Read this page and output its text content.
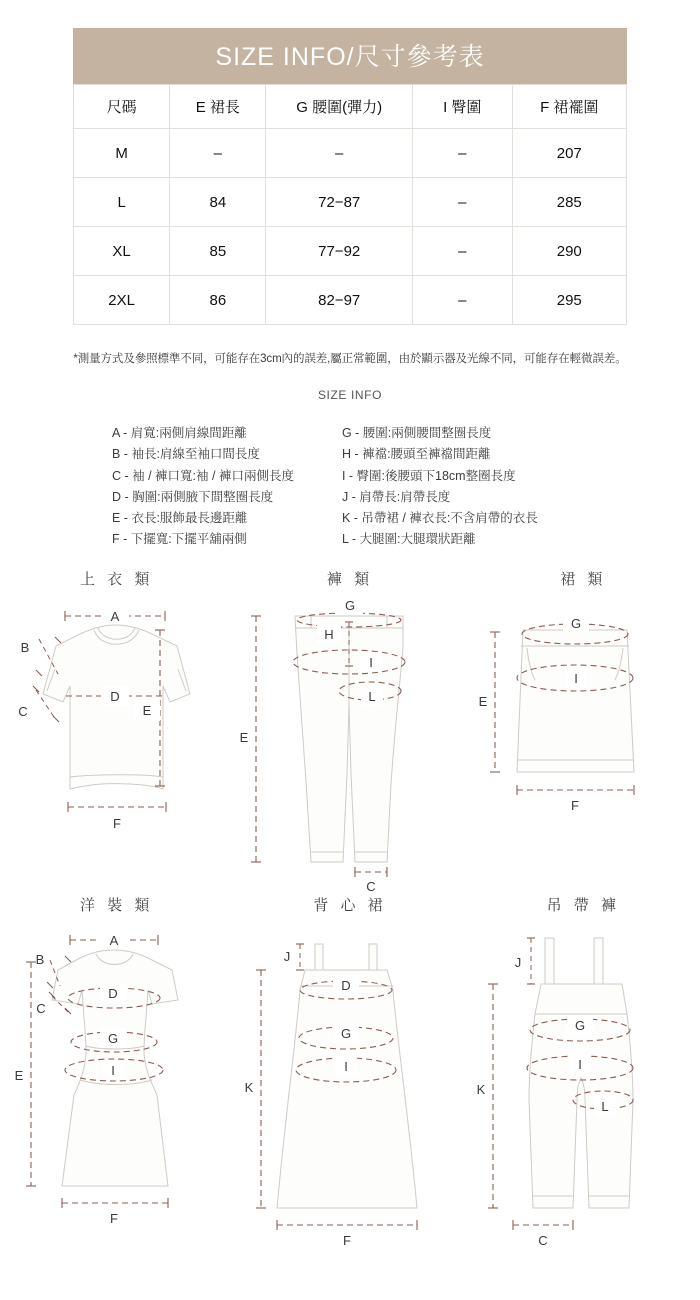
SIZE INFO/尺寸參考表
尺碼	E 裙長	G 腰圍(彈力)	I 臀圍	F 裙襬圍
M	–	–	–	207
L	84	72−87	–	285
XL	85	77−92	–	290
2XL	86	82−97	–	295
*測量方式及參照標準不同，可能存在3cm內的誤差,屬正常範圍，由於顯示器及光線不同，可能存在輕微誤差。
SIZE INFO
A - 肩寬:兩側肩線間距離
B - 袖長:肩線至袖口間長度
C - 袖 / 褲口寬:袖 / 褲口兩側長度
D - 胸圍:兩側腋下間整圈長度
E - 衣長:服飾最長邊距離
F - 下擺寬:下擺平舖兩側
G - 腰圍:兩側腰間整圈長度
H - 褲襠:腰頭至褲襠間距離
I - 臀圍:後腰頭下18cm整圈長度
J - 肩帶長:肩帶長度
K - 吊帶裙 / 褲衣長:不含肩帶的衣長
L - 大腿圍:大腿環狀距離
上 衣 類
A
B
C
D
E
F
褲 類
G
H
I
L
E
C
裙 類
G
I
E
F
洋 裝 類
A
B
C
D
G
I
E
F
背 心 裙
J
D
G
I
K
F
吊 帶 褲
J
G
I
L
K
C
